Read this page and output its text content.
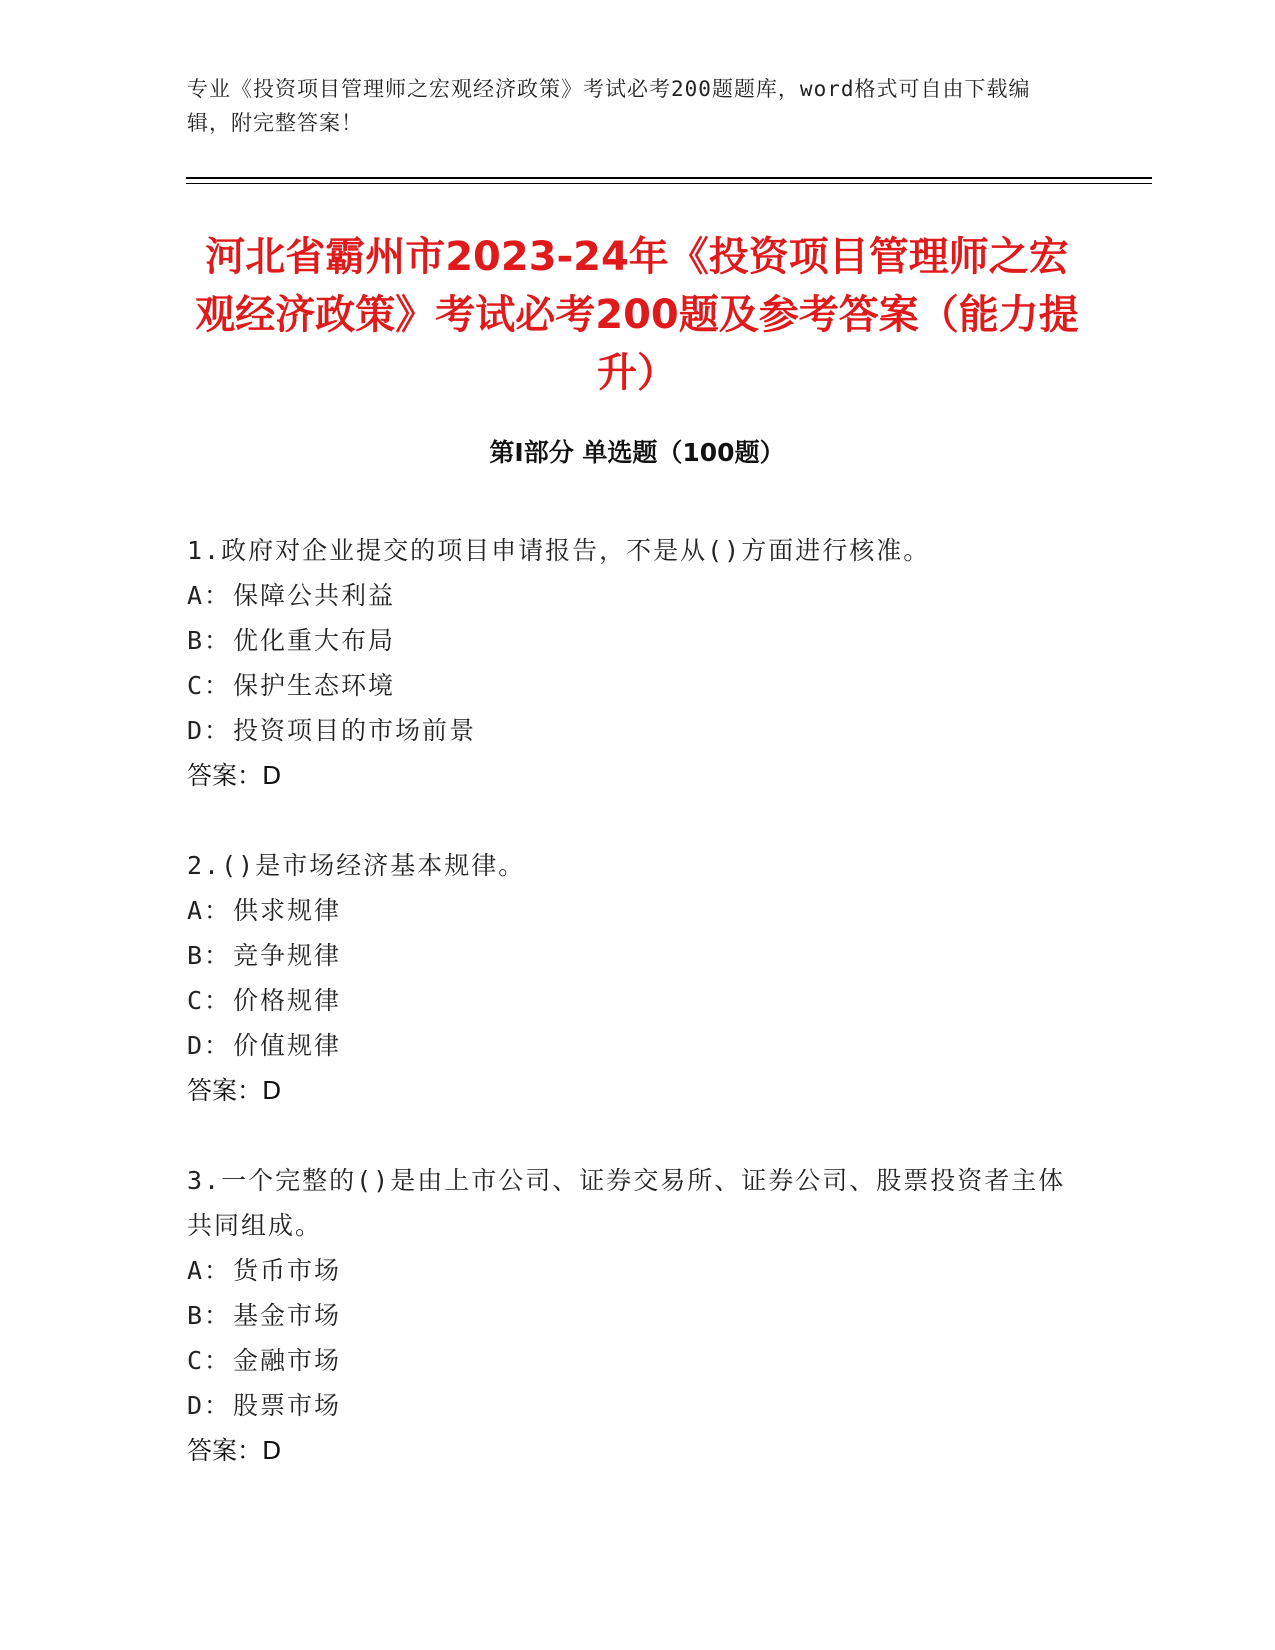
专业《投资项目管理师之宏观经济政策》考试必考200题题库，word格式可自由下载编辑，附完整答案！
河北省霸州市2023-24年《投资项目管理师之宏观经济政策》考试必考200题及参考答案（能力提升）
第I部分 单选题（100题）
1.政府对企业提交的项目申请报告，不是从()方面进行核准。
A：保障公共利益
B：优化重大布局
C：保护生态环境
D：投资项目的市场前景
答案：D
2.()是市场经济基本规律。
A：供求规律
B：竞争规律
C：价格规律
D：价值规律
答案：D
3.一个完整的()是由上市公司、证券交易所、证券公司、股票投资者主体共同组成。
A：货币市场
B：基金市场
C：金融市场
D：股票市场
答案：D
